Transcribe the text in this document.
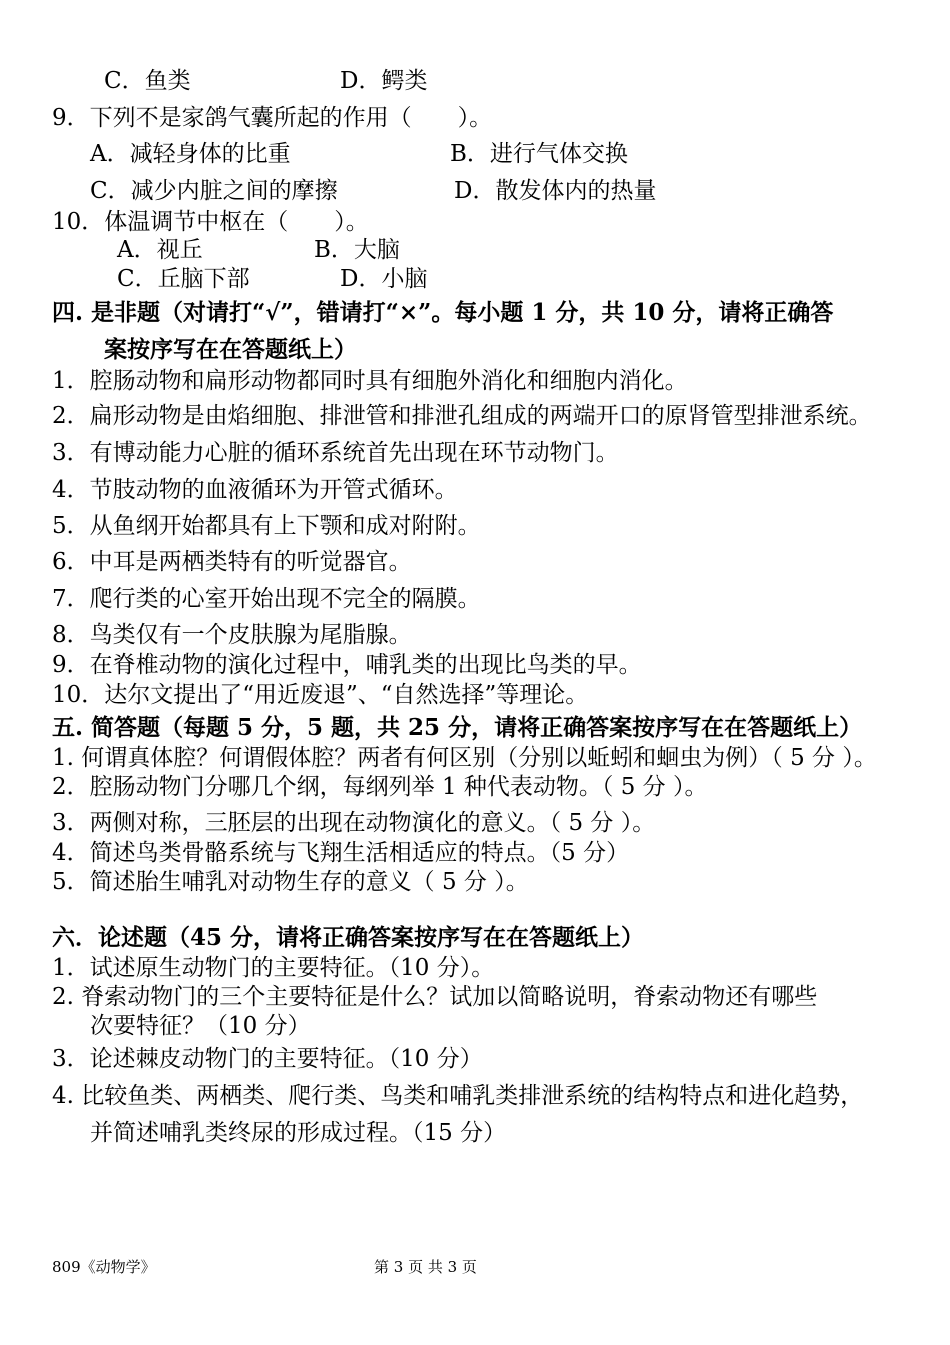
C．鱼类	D．鳄类
9．下列不是家鸽气囊所起的作用（　　）。
A．减轻身体的比重	B．进行气体交换
C．减少内脏之间的摩擦	D．散发体内的热量
10．体温调节中枢在（　　）。
A．视丘	B．大脑
C．丘脑下部	D．小脑
四. 是非题（对请打“√”，错请打“×”。每小题 1 分，共 10 分，请将正确答
案按序写在在答题纸上）
1．腔肠动物和扁形动物都同时具有细胞外消化和细胞内消化。
2．扁形动物是由焰细胞、排泄管和排泄孔组成的两端开口的原肾管型排泄系统。
3．有博动能力心脏的循环系统首先出现在环节动物门。
4．节肢动物的血液循环为开管式循环。
5．从鱼纲开始都具有上下颚和成对附附。
6．中耳是两栖类特有的听觉器官。
7．爬行类的心室开始出现不完全的隔膜。
8．鸟类仅有一个皮肤腺为尾脂腺。
9．在脊椎动物的演化过程中，哺乳类的出现比鸟类的早。
10．达尔文提出了“用近废退”、“自然选择”等理论。
五. 简答题（每题 5 分，5 题，共 25 分，请将正确答案按序写在在答题纸上）
1. 何谓真体腔？何谓假体腔？两者有何区别（分别以蚯蚓和蛔虫为例）（ 5 分 ）。
2．腔肠动物门分哪几个纲，每纲列举 1 种代表动物。（ 5 分 ）。
3．两侧对称，三胚层的出现在动物演化的意义。（ 5 分 ）。
4．简述鸟类骨骼系统与飞翔生活相适应的特点。（5 分）
5．简述胎生哺乳对动物生存的意义（ 5 分 ）。
六．论述题（45 分，请将正确答案按序写在在答题纸上）
1．试述原生动物门的主要特征。（10 分）。
2. 脊索动物门的三个主要特征是什么？试加以简略说明，脊索动物还有哪些
次要特征？（10 分）
3．论述棘皮动物门的主要特征。（10 分）
4. 比较鱼类、两栖类、爬行类、鸟类和哺乳类排泄系统的结构特点和进化趋势，
并简述哺乳类终尿的形成过程。（15 分）
809《动物学》	第 3 页 共 3 页
